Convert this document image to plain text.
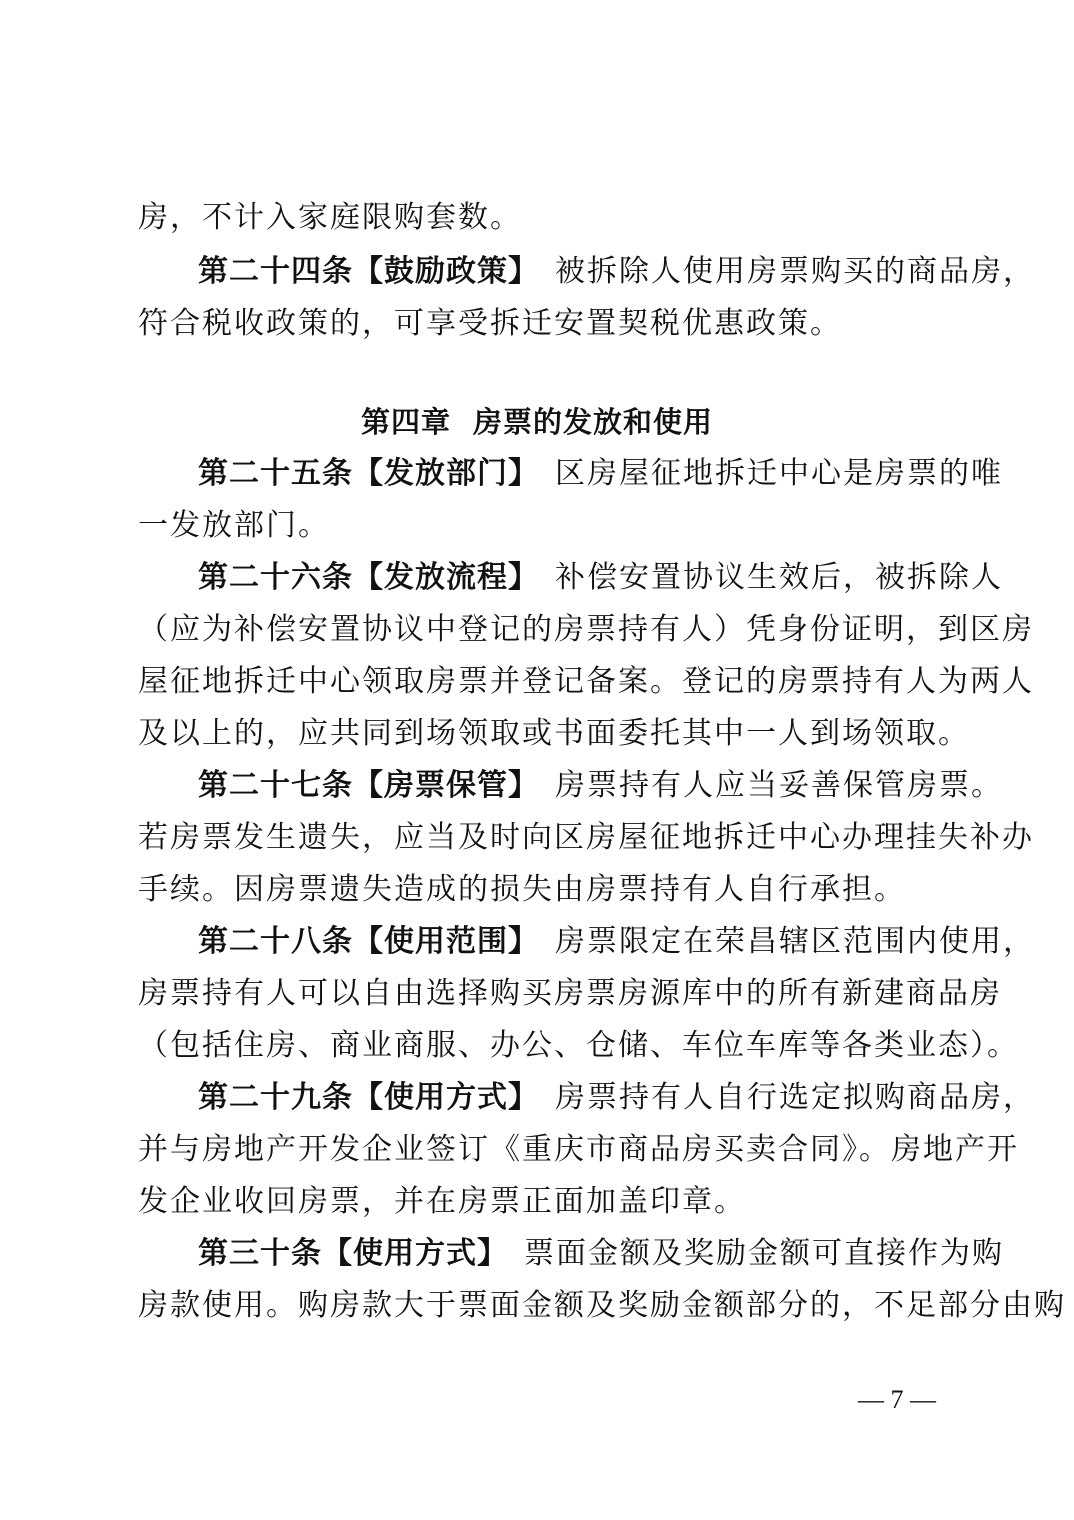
房，不计入家庭限购套数。
第二十四条【鼓励政策】 被拆除人使用房票购买的商品房，
符合税收政策的，可享受拆迁安置契税优惠政策。
第四章 房票的发放和使用
第二十五条【发放部门】 区房屋征地拆迁中心是房票的唯
一发放部门。
第二十六条【发放流程】 补偿安置协议生效后，被拆除人
（应为补偿安置协议中登记的房票持有人）凭身份证明，到区房
屋征地拆迁中心领取房票并登记备案。登记的房票持有人为两人
及以上的，应共同到场领取或书面委托其中一人到场领取。
第二十七条【房票保管】 房票持有人应当妥善保管房票。
若房票发生遗失，应当及时向区房屋征地拆迁中心办理挂失补办
手续。因房票遗失造成的损失由房票持有人自行承担。
第二十八条【使用范围】 房票限定在荣昌辖区范围内使用，
房票持有人可以自由选择购买房票房源库中的所有新建商品房
（包括住房、商业商服、办公、仓储、车位车库等各类业态）。
第二十九条【使用方式】 房票持有人自行选定拟购商品房，
并与房地产开发企业签订《重庆市商品房买卖合同》。房地产开
发企业收回房票，并在房票正面加盖印章。
第三十条【使用方式】 票面金额及奖励金额可直接作为购
房款使用。购房款大于票面金额及奖励金额部分的，不足部分由购
— 7 —
